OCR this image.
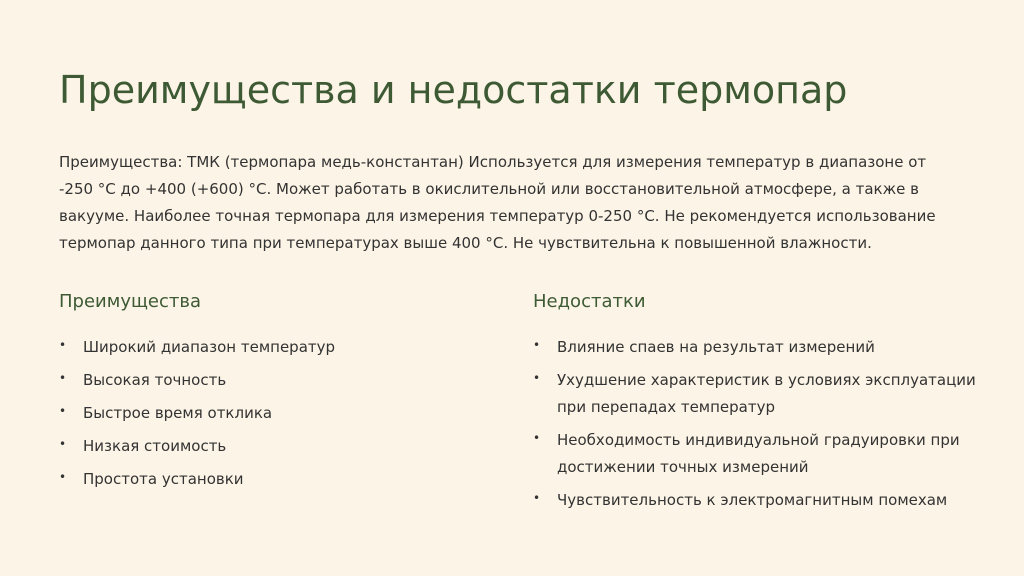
Преимущества и недостатки термопар

Преимущества: ТМК (термопара медь-константан) Используется для измерения температур в диапазоне от -250 °C до +400 (+600) °C. Может работать в окислительной или восстановительной атмосфере, а также в вакууме. Наиболее точная термопара для измерения температур 0-250 °C. Не рекомендуется использование термопар данного типа при температурах выше 400 °C. Не чувствительна к повышенной влажности.

Преимущества	Недостатки
• Широкий диапазон температур
• Высокая точность
• Быстрое время отклика
• Низкая стоимость
• Простота установки
• Влияние спаев на результат измерений
• Ухудшение характеристик в условиях эксплуатации при перепадах температур
• Необходимость индивидуальной градуировки при достижении точных измерений
• Чувствительность к электромагнитным помехам
